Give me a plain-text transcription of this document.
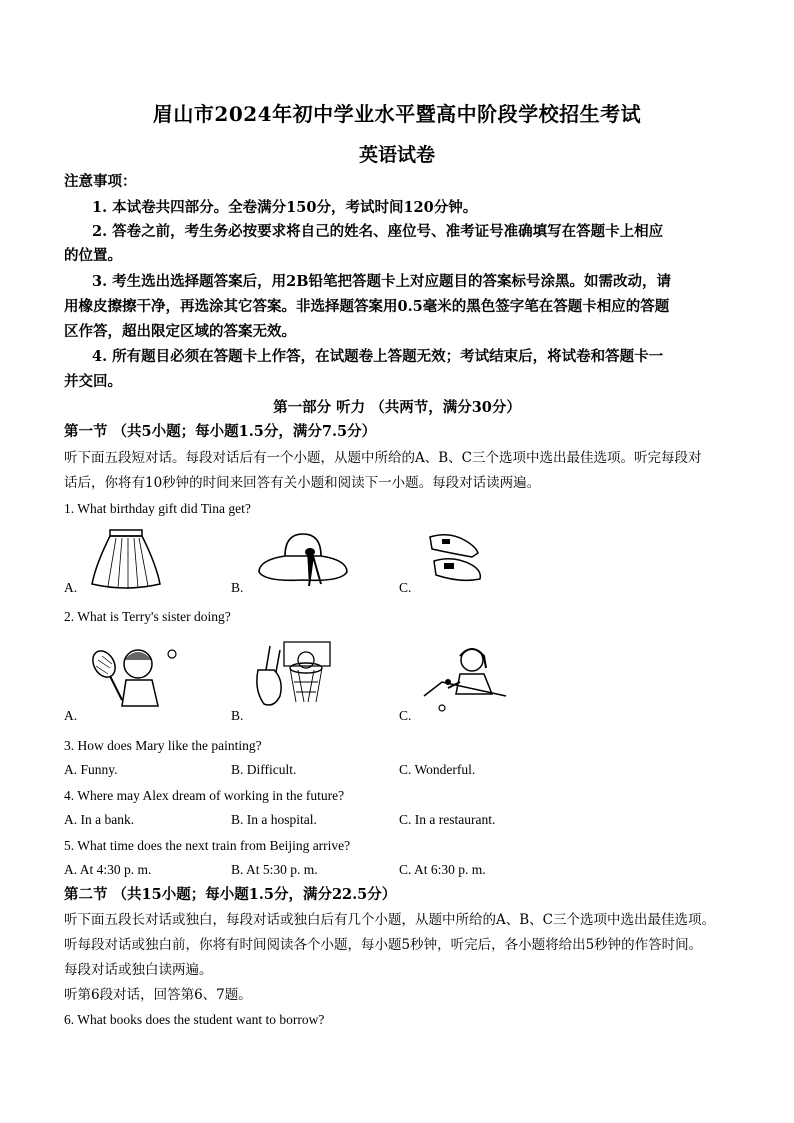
眉山市2024年初中学业水平暨高中阶段学校招生考试
英语试卷
注意事项：
1. 本试卷共四部分。全卷满分150分，考试时间120分钟。
2. 答卷之前，考生务必按要求将自己的姓名、座位号、准考证号准确填写在答题卡上相应
的位置。
3. 考生选出选择题答案后，用2B铅笔把答题卡上对应题目的答案标号涂黑。如需改动，请
用橡皮擦擦干净，再选涂其它答案。非选择题答案用0.5毫米的黑色签字笔在答题卡相应的答题
区作答，超出限定区域的答案无效。
4. 所有题目必须在答题卡上作答，在试题卷上答题无效；考试结束后，将试卷和答题卡一
并交回。
第一部分 听力 （共两节，满分30分）
第一节 （共5小题；每小题1.5分，满分7.5分）
听下面五段短对话。每段对话后有一个小题，从题中所给的A、B、C三个选项中选出最佳选项。听完每段对
话后，你将有10秒钟的时间来回答有关小题和阅读下一小题。每段对话读两遍。
1. What birthday gift did Tina get?
A.	B.	C.
2. What is Terry's sister doing?
A.	B.	C.
3. How does Mary like the painting?
A. Funny.	B. Difficult.	C. Wonderful.
4. Where may Alex dream of working in the future?
A. In a bank.	B. In a hospital.	C. In a restaurant.
5. What time does the next train from Beijing arrive?
A. At 4:30 p. m.	B. At 5:30 p. m.	C. At 6:30 p. m.
第二节 （共15小题；每小题1.5分，满分22.5分）
听下面五段长对话或独白，每段对话或独白后有几个小题，从题中所给的A、B、C三个选项中选出最佳选项。
听每段对话或独白前，你将有时间阅读各个小题，每小题5秒钟，听完后，各小题将给出5秒钟的作答时间。
每段对话或独白读两遍。
听第6段对话，回答第6、7题。
6. What books does the student want to borrow?
